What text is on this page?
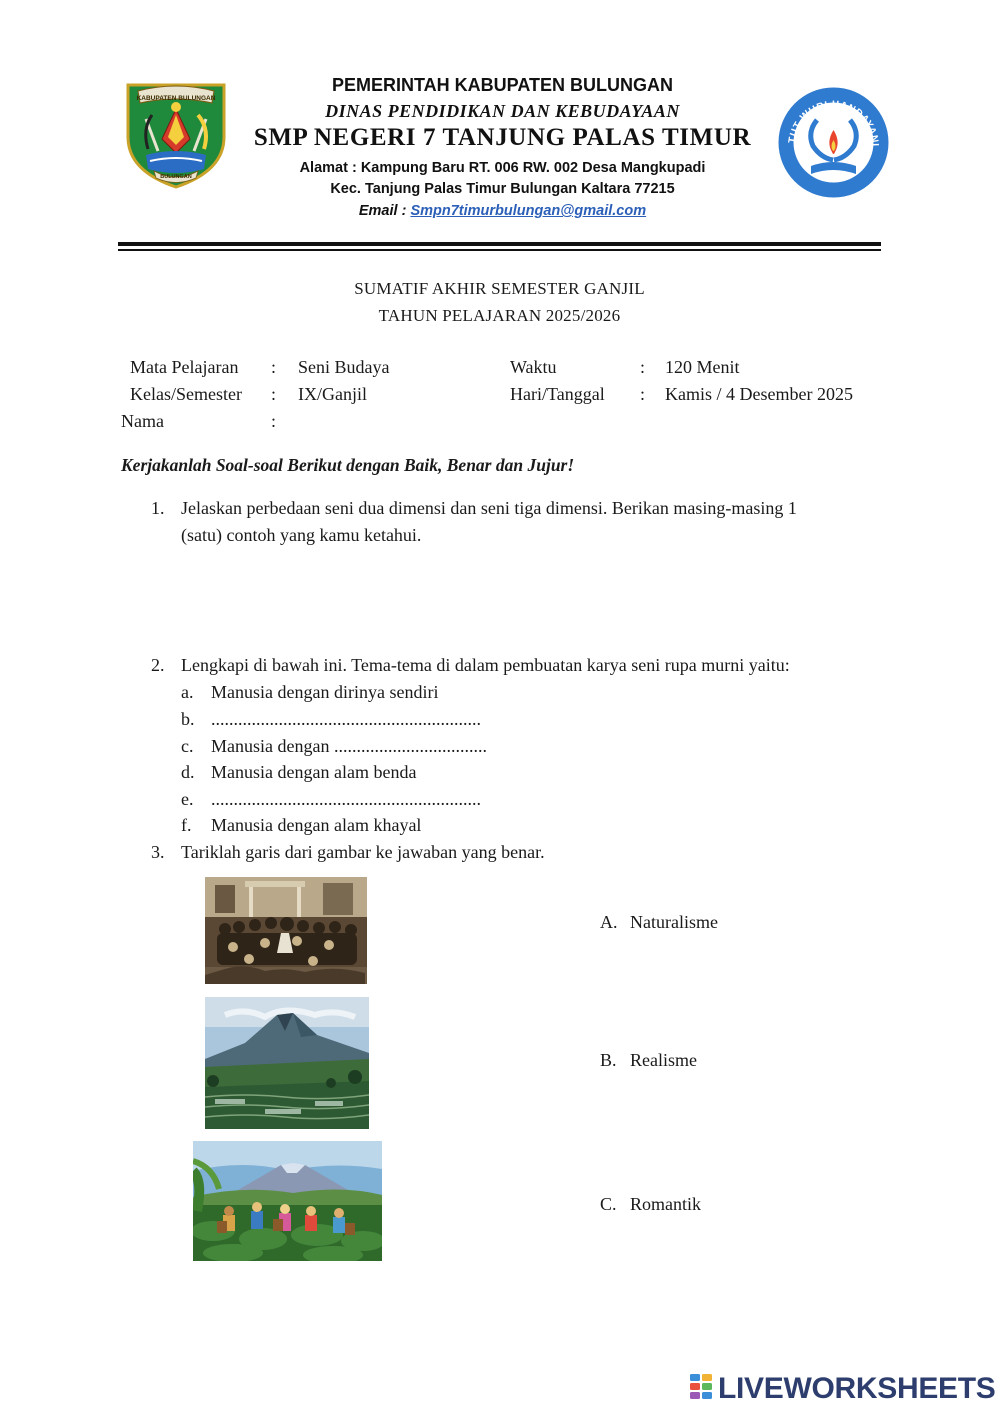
KABUPATEN BULUNGAN
BULUNGAN
PEMERINTAH KABUPATEN BULUNGAN
DINAS PENDIDIKAN DAN KEBUDAYAAN
SMP NEGERI 7 TANJUNG PALAS TIMUR
Alamat : Kampung Baru RT. 006 RW. 002 Desa Mangkupadi
Kec. Tanjung Palas Timur Bulungan Kaltara 77215
Email : Smpn7timurbulungan@gmail.com
TUT WURI HANDAYANI
SUMATIF AKHIR SEMESTER GANJIL
TAHUN PELAJARAN 2025/2026
Mata Pelajaran : Seni Budaya	Waktu	: 120 Menit
Kelas/Semester : IX/Ganjil	Hari/Tanggal : Kamis / 4 Desember 2025
Nama	:
Kerjakanlah Soal-soal Berikut dengan Baik, Benar dan Jujur!
1. Jelaskan perbedaan seni dua dimensi dan seni tiga dimensi. Berikan masing-masing 1
(satu) contoh yang kamu ketahui.
2. Lengkapi di bawah ini. Tema-tema di dalam pembuatan karya seni rupa murni yaitu:
a. Manusia dengan dirinya sendiri
b. ............................................................
c. Manusia dengan ..................................
d. Manusia dengan alam benda
e. ............................................................
f. Manusia dengan alam khayal
3. Tariklah garis dari gambar ke jawaban yang benar.
A. Naturalisme
B. Realisme
C. Romantik
LIVEWORKSHEETS
